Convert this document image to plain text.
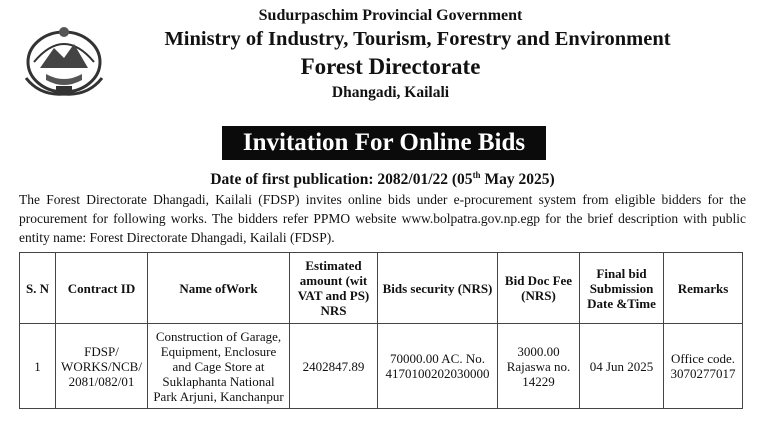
Sudurpaschim Provincial Government
Ministry of Industry, Tourism, Forestry and Environment
Forest Directorate
Dhangadi, Kailali
Invitation For Online Bids
Date of first publication: 2082/01/22 (05th May 2025)
The Forest Directorate Dhangadi, Kailali (FDSP) invites online bids under e-procurement system from eligible bidders for the procurement for following works. The bidders refer PPMO website www.bolpatra.gov.np.egp for the brief description with public entity name: Forest Directorate Dhangadi, Kailali (FDSP).
S. N	Contract ID	Name ofWork	Estimated amount (wit VAT and PS) NRS	Bids security (NRS)	Bid Doc Fee (NRS)	Final bid Submission Date &Time	Remarks
1	FDSP/ WORKS/NCB/ 2081/082/01	Construction of Garage, Equipment, Enclosure and Cage Store at Suklaphanta National Park Arjuni, Kanchanpur	2402847.89	70000.00 AC. No. 4170100202030000	3000.00 Rajaswa no. 14229	04 Jun 2025	Office code. 3070277017
